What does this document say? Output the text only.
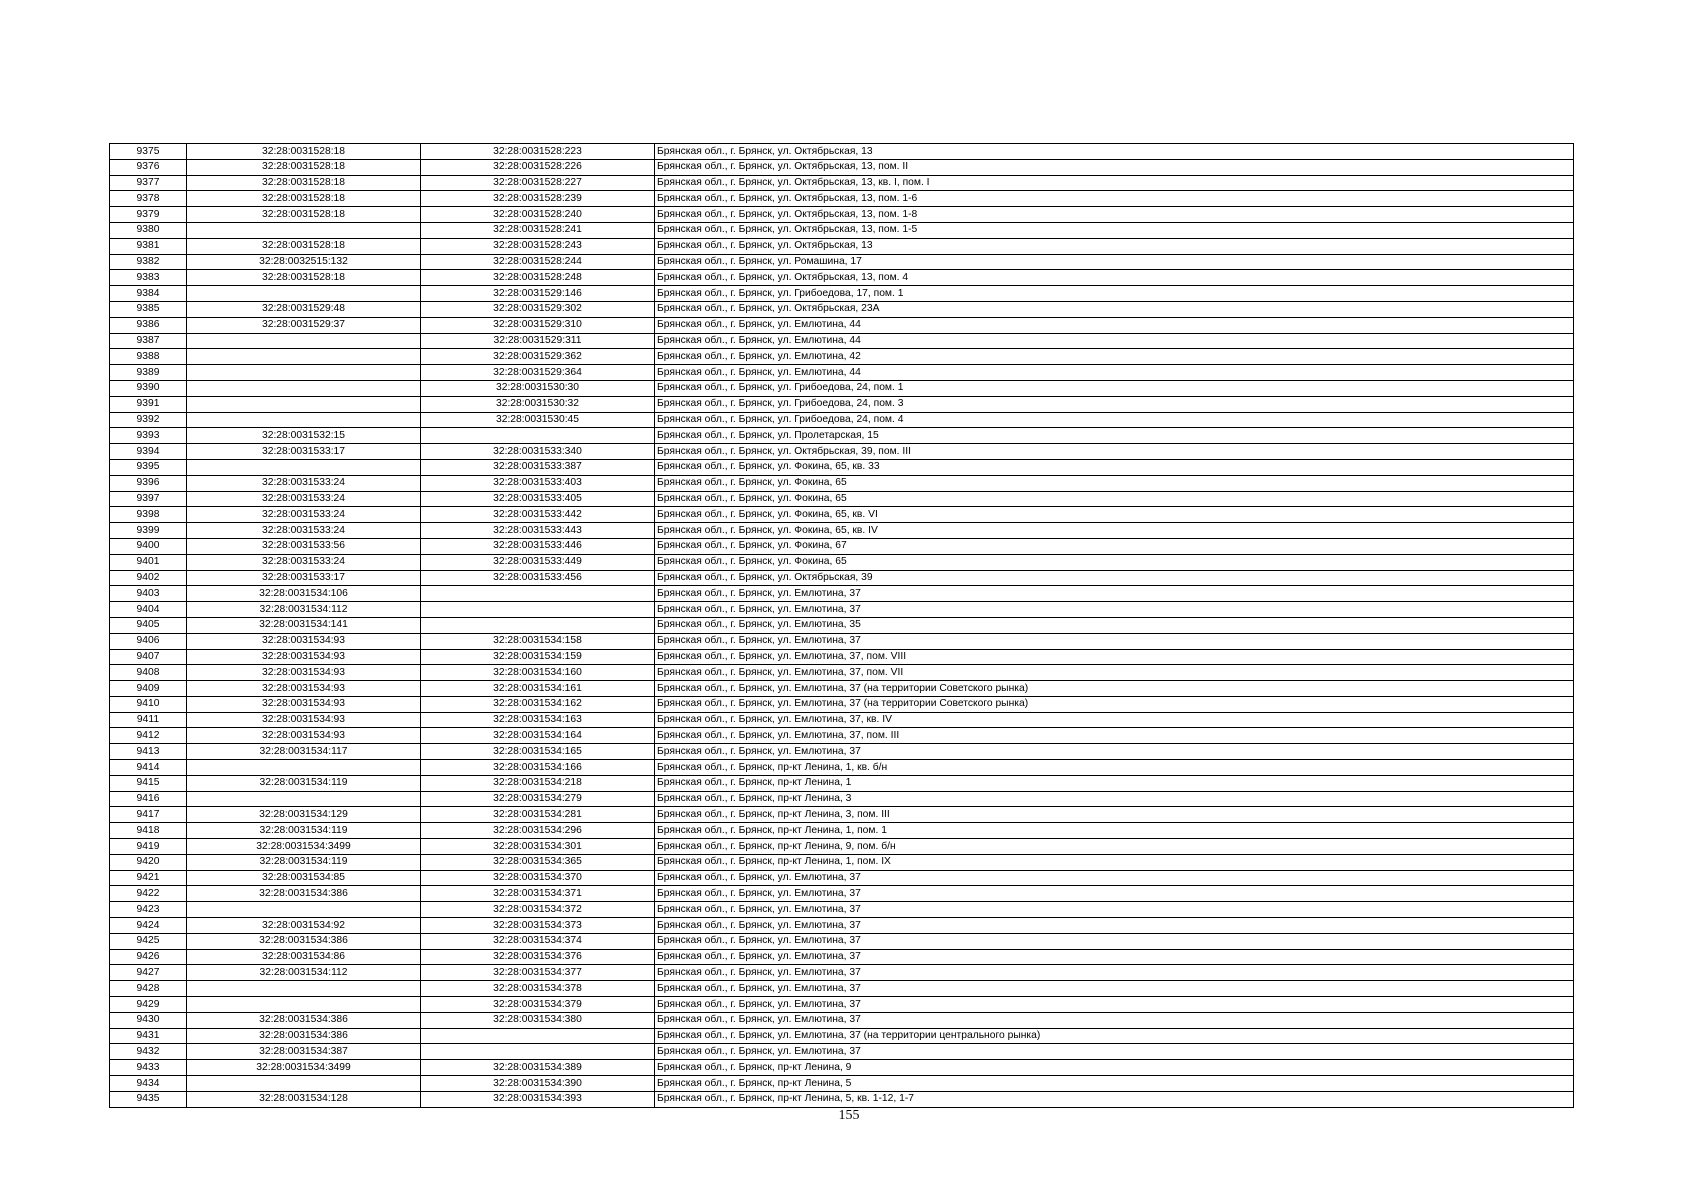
9375	32:28:0031528:18	32:28:0031528:223	Брянская обл., г. Брянск, ул. Октябрьская, 13
9376	32:28:0031528:18	32:28:0031528:226	Брянская обл., г. Брянск, ул. Октябрьская, 13, пом. II
9377	32:28:0031528:18	32:28:0031528:227	Брянская обл., г. Брянск, ул. Октябрьская, 13, кв. I, пом. I
9378	32:28:0031528:18	32:28:0031528:239	Брянская обл., г. Брянск, ул. Октябрьская, 13, пом. 1-6
9379	32:28:0031528:18	32:28:0031528:240	Брянская обл., г. Брянск, ул. Октябрьская, 13, пом. 1-8
9380		32:28:0031528:241	Брянская обл., г. Брянск, ул. Октябрьская, 13, пом. 1-5
9381	32:28:0031528:18	32:28:0031528:243	Брянская обл., г. Брянск, ул. Октябрьская, 13
9382	32:28:0032515:132	32:28:0031528:244	Брянская обл., г. Брянск, ул. Ромашина, 17
9383	32:28:0031528:18	32:28:0031528:248	Брянская обл., г. Брянск, ул. Октябрьская, 13, пом. 4
9384		32:28:0031529:146	Брянская обл., г. Брянск, ул. Грибоедова, 17, пом. 1
9385	32:28:0031529:48	32:28:0031529:302	Брянская обл., г. Брянск, ул. Октябрьская, 23А
9386	32:28:0031529:37	32:28:0031529:310	Брянская обл., г. Брянск, ул. Емлютина, 44
9387		32:28:0031529:311	Брянская обл., г. Брянск, ул. Емлютина, 44
9388		32:28:0031529:362	Брянская обл., г. Брянск, ул. Емлютина, 42
9389		32:28:0031529:364	Брянская обл., г. Брянск, ул. Емлютина, 44
9390		32:28:0031530:30	Брянская обл., г. Брянск, ул. Грибоедова, 24, пом. 1
9391		32:28:0031530:32	Брянская обл., г. Брянск, ул. Грибоедова, 24, пом. 3
9392		32:28:0031530:45	Брянская обл., г. Брянск, ул. Грибоедова, 24, пом. 4
9393	32:28:0031532:15		Брянская обл., г. Брянск, ул. Пролетарская, 15
9394	32:28:0031533:17	32:28:0031533:340	Брянская обл., г. Брянск, ул. Октябрьская, 39, пом. III
9395		32:28:0031533:387	Брянская обл., г. Брянск, ул. Фокина, 65, кв. 33
9396	32:28:0031533:24	32:28:0031533:403	Брянская обл., г. Брянск, ул. Фокина, 65
9397	32:28:0031533:24	32:28:0031533:405	Брянская обл., г. Брянск, ул. Фокина, 65
9398	32:28:0031533:24	32:28:0031533:442	Брянская обл., г. Брянск, ул. Фокина, 65, кв. VI
9399	32:28:0031533:24	32:28:0031533:443	Брянская обл., г. Брянск, ул. Фокина, 65, кв. IV
9400	32:28:0031533:56	32:28:0031533:446	Брянская обл., г. Брянск, ул. Фокина, 67
9401	32:28:0031533:24	32:28:0031533:449	Брянская обл., г. Брянск, ул. Фокина, 65
9402	32:28:0031533:17	32:28:0031533:456	Брянская обл., г. Брянск, ул. Октябрьская, 39
9403	32:28:0031534:106		Брянская обл., г. Брянск, ул. Емлютина, 37
9404	32:28:0031534:112		Брянская обл., г. Брянск, ул. Емлютина, 37
9405	32:28:0031534:141		Брянская обл., г. Брянск, ул. Емлютина, 35
9406	32:28:0031534:93	32:28:0031534:158	Брянская обл., г. Брянск, ул. Емлютина, 37
9407	32:28:0031534:93	32:28:0031534:159	Брянская обл., г. Брянск, ул. Емлютина, 37, пом. VIII
9408	32:28:0031534:93	32:28:0031534:160	Брянская обл., г. Брянск, ул. Емлютина, 37, пом. VII
9409	32:28:0031534:93	32:28:0031534:161	Брянская обл., г. Брянск, ул. Емлютина, 37 (на территории Советского рынка)
9410	32:28:0031534:93	32:28:0031534:162	Брянская обл., г. Брянск, ул. Емлютина, 37 (на территории Советского рынка)
9411	32:28:0031534:93	32:28:0031534:163	Брянская обл., г. Брянск, ул. Емлютина, 37, кв. IV
9412	32:28:0031534:93	32:28:0031534:164	Брянская обл., г. Брянск, ул. Емлютина, 37, пом. III
9413	32:28:0031534:117	32:28:0031534:165	Брянская обл., г. Брянск, ул. Емлютина, 37
9414		32:28:0031534:166	Брянская обл., г. Брянск, пр-кт Ленина, 1, кв. б/н
9415	32:28:0031534:119	32:28:0031534:218	Брянская обл., г. Брянск, пр-кт Ленина, 1
9416		32:28:0031534:279	Брянская обл., г. Брянск, пр-кт Ленина, 3
9417	32:28:0031534:129	32:28:0031534:281	Брянская обл., г. Брянск, пр-кт Ленина, 3, пом. III
9418	32:28:0031534:119	32:28:0031534:296	Брянская обл., г. Брянск, пр-кт Ленина, 1, пом. 1
9419	32:28:0031534:3499	32:28:0031534:301	Брянская обл., г. Брянск, пр-кт Ленина, 9, пом. б/н
9420	32:28:0031534:119	32:28:0031534:365	Брянская обл., г. Брянск, пр-кт Ленина, 1, пом. IX
9421	32:28:0031534:85	32:28:0031534:370	Брянская обл., г. Брянск, ул. Емлютина, 37
9422	32:28:0031534:386	32:28:0031534:371	Брянская обл., г. Брянск, ул. Емлютина, 37
9423		32:28:0031534:372	Брянская обл., г. Брянск, ул. Емлютина, 37
9424	32:28:0031534:92	32:28:0031534:373	Брянская обл., г. Брянск, ул. Емлютина, 37
9425	32:28:0031534:386	32:28:0031534:374	Брянская обл., г. Брянск, ул. Емлютина, 37
9426	32:28:0031534:86	32:28:0031534:376	Брянская обл., г. Брянск, ул. Емлютина, 37
9427	32:28:0031534:112	32:28:0031534:377	Брянская обл., г. Брянск, ул. Емлютина, 37
9428		32:28:0031534:378	Брянская обл., г. Брянск, ул. Емлютина, 37
9429		32:28:0031534:379	Брянская обл., г. Брянск, ул. Емлютина, 37
9430	32:28:0031534:386	32:28:0031534:380	Брянская обл., г. Брянск, ул. Емлютина, 37
9431	32:28:0031534:386		Брянская обл., г. Брянск, ул. Емлютина, 37 (на территории центрального рынка)
9432	32:28:0031534:387		Брянская обл., г. Брянск, ул. Емлютина, 37
9433	32:28:0031534:3499	32:28:0031534:389	Брянская обл., г. Брянск, пр-кт Ленина, 9
9434		32:28:0031534:390	Брянская обл., г. Брянск, пр-кт Ленина, 5
9435	32:28:0031534:128	32:28:0031534:393	Брянская обл., г. Брянск, пр-кт Ленина, 5, кв. 1-12, 1-7
155
